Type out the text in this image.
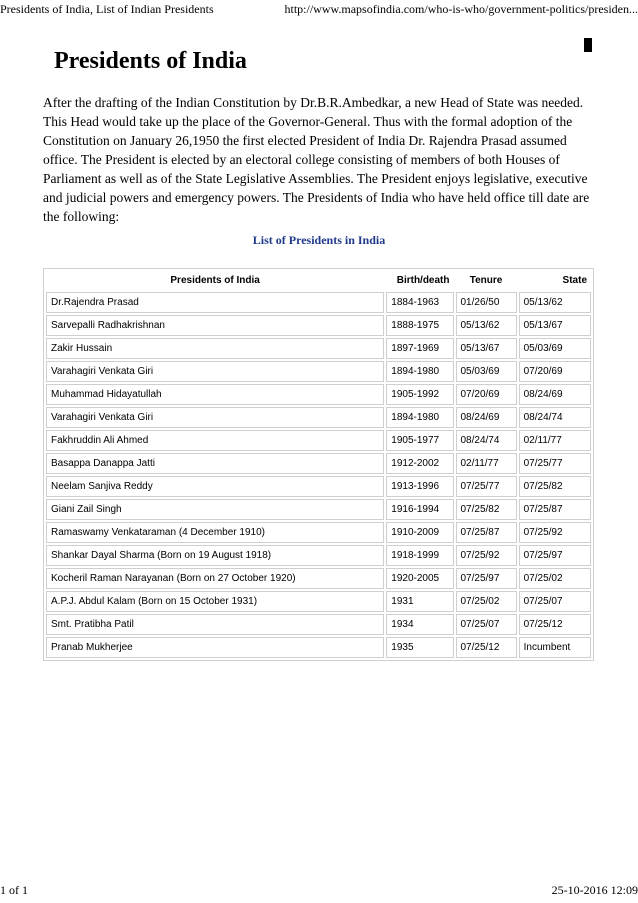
Presidents of India, List of Indian Presidents	http://www.mapsofindia.com/who-is-who/government-politics/presiden...
Presidents of India

After the drafting of the Indian Constitution by Dr.B.R.Ambedkar, a new Head of State was needed. This Head would take up the place of the Governor-General. Thus with the formal adoption of the Constitution on January 26,1950 the first elected President of India Dr. Rajendra Prasad assumed office. The President is elected by an electoral college consisting of members of both Houses of Parliament as well as of the State Legislative Assemblies. The President enjoys legislative, executive and judicial powers and emergency powers. The Presidents of India who have held office till date are the following:

List of Presidents in India
Presidents of India	Birth/death	Tenure	State
Dr.Rajendra Prasad	1884-1963	01/26/50	05/13/62
Sarvepalli Radhakrishnan	1888-1975	05/13/62	05/13/67
Zakir Hussain	1897-1969	05/13/67	05/03/69
Varahagiri Venkata Giri	1894-1980	05/03/69	07/20/69
Muhammad Hidayatullah	1905-1992	07/20/69	08/24/69
Varahagiri Venkata Giri	1894-1980	08/24/69	08/24/74
Fakhruddin Ali Ahmed	1905-1977	08/24/74	02/11/77
Basappa Danappa Jatti	1912-2002	02/11/77	07/25/77
Neelam Sanjiva Reddy	1913-1996	07/25/77	07/25/82
Giani Zail Singh	1916-1994	07/25/82	07/25/87
Ramaswamy Venkataraman (4 December 1910)	1910-2009	07/25/87	07/25/92
Shankar Dayal Sharma (Born on 19 August 1918)	1918-1999	07/25/92	07/25/97
Kocheril Raman Narayanan (Born on 27 October 1920)	1920-2005	07/25/97	07/25/02
A.P.J. Abdul Kalam (Born on 15 October 1931)	1931	07/25/02	07/25/07
Smt. Pratibha Patil	1934	07/25/07	07/25/12
Pranab Mukherjee	1935	07/25/12	Incumbent
1 of 1	25-10-2016 12:09
